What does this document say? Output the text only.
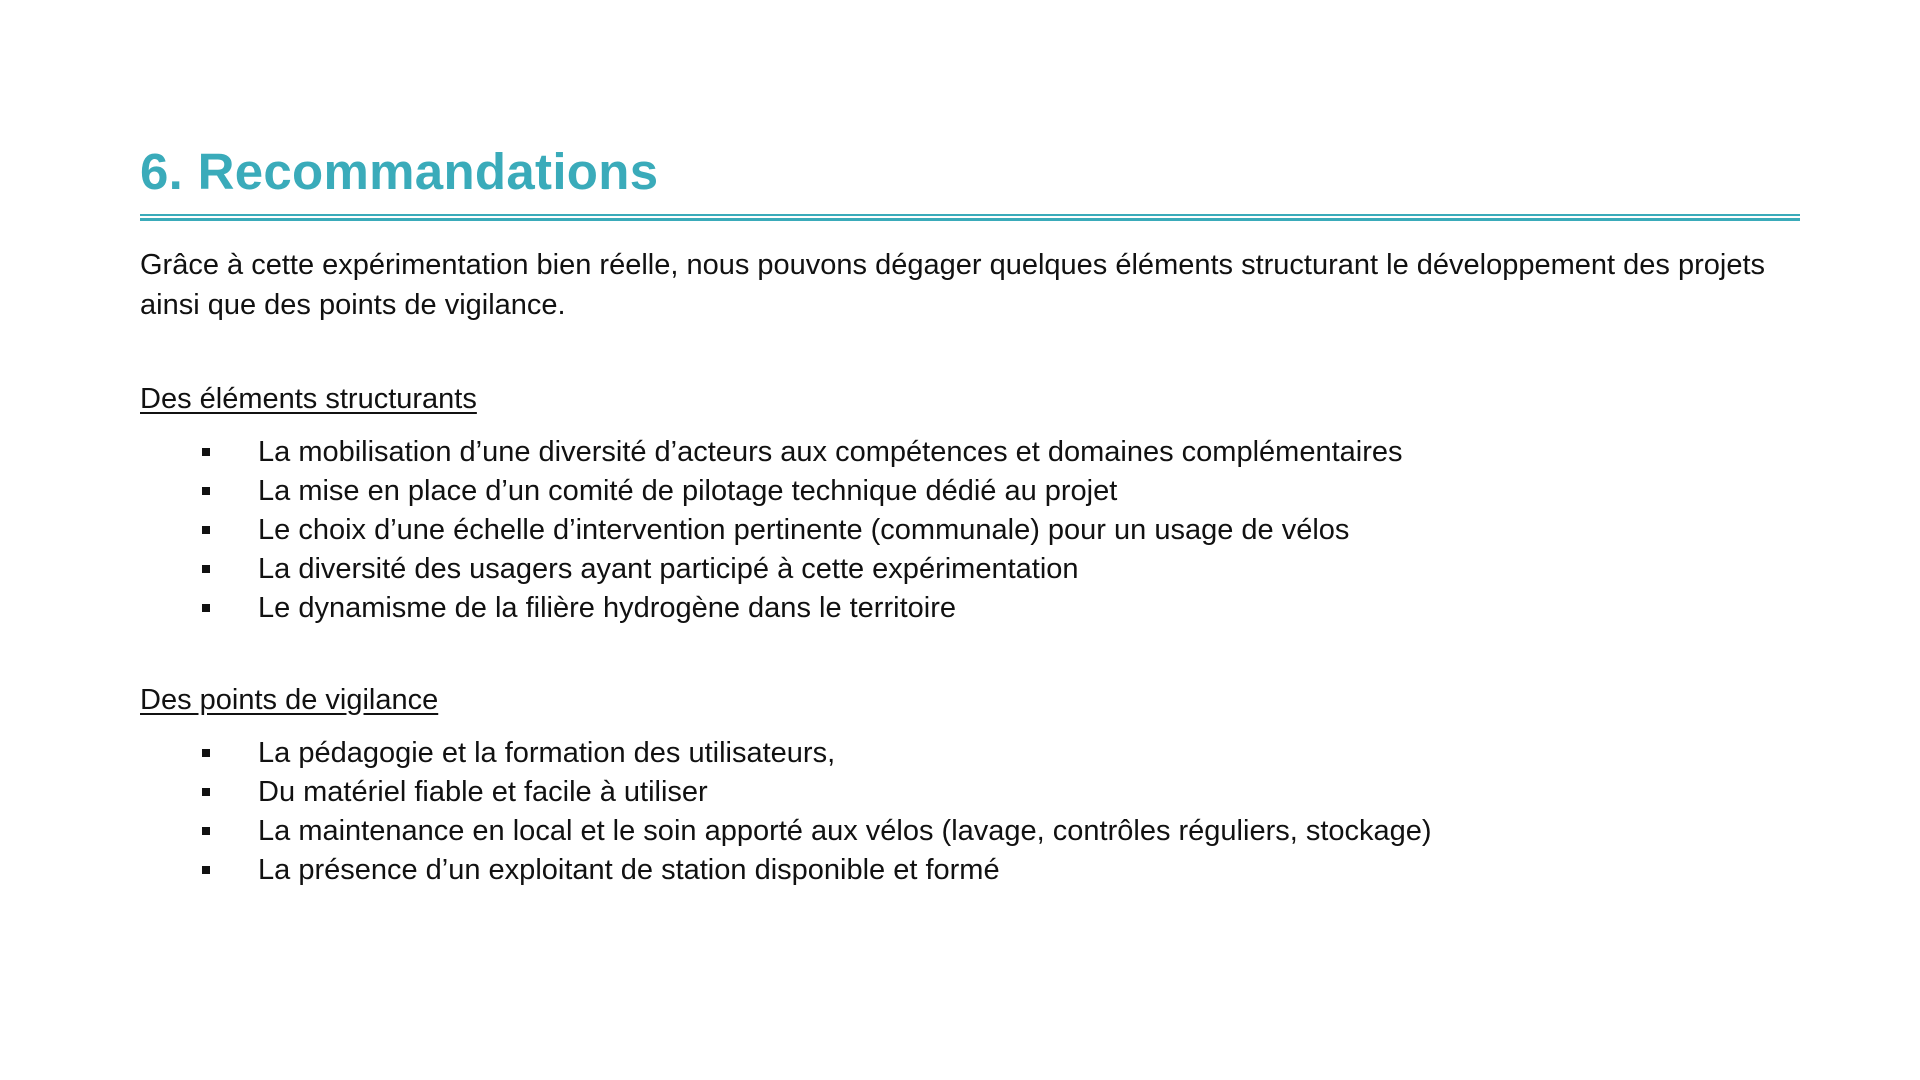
6. Recommandations

Grâce à cette expérimentation bien réelle, nous pouvons dégager quelques éléments structurant le développement des projets ainsi que des points de vigilance.

Des éléments structurants
La mobilisation d’une diversité d’acteurs aux compétences et domaines complémentaires
La mise en place d’un comité de pilotage technique dédié au projet
Le choix d’une échelle d’intervention pertinente (communale) pour un usage de vélos
La diversité des usagers ayant participé à cette expérimentation
Le dynamisme de la filière hydrogène dans le territoire
Des points de vigilance
La pédagogie et la formation des utilisateurs,
Du matériel fiable et facile à utiliser
La maintenance en local et le soin apporté aux vélos (lavage, contrôles réguliers, stockage)
La présence d’un exploitant de station disponible et formé
